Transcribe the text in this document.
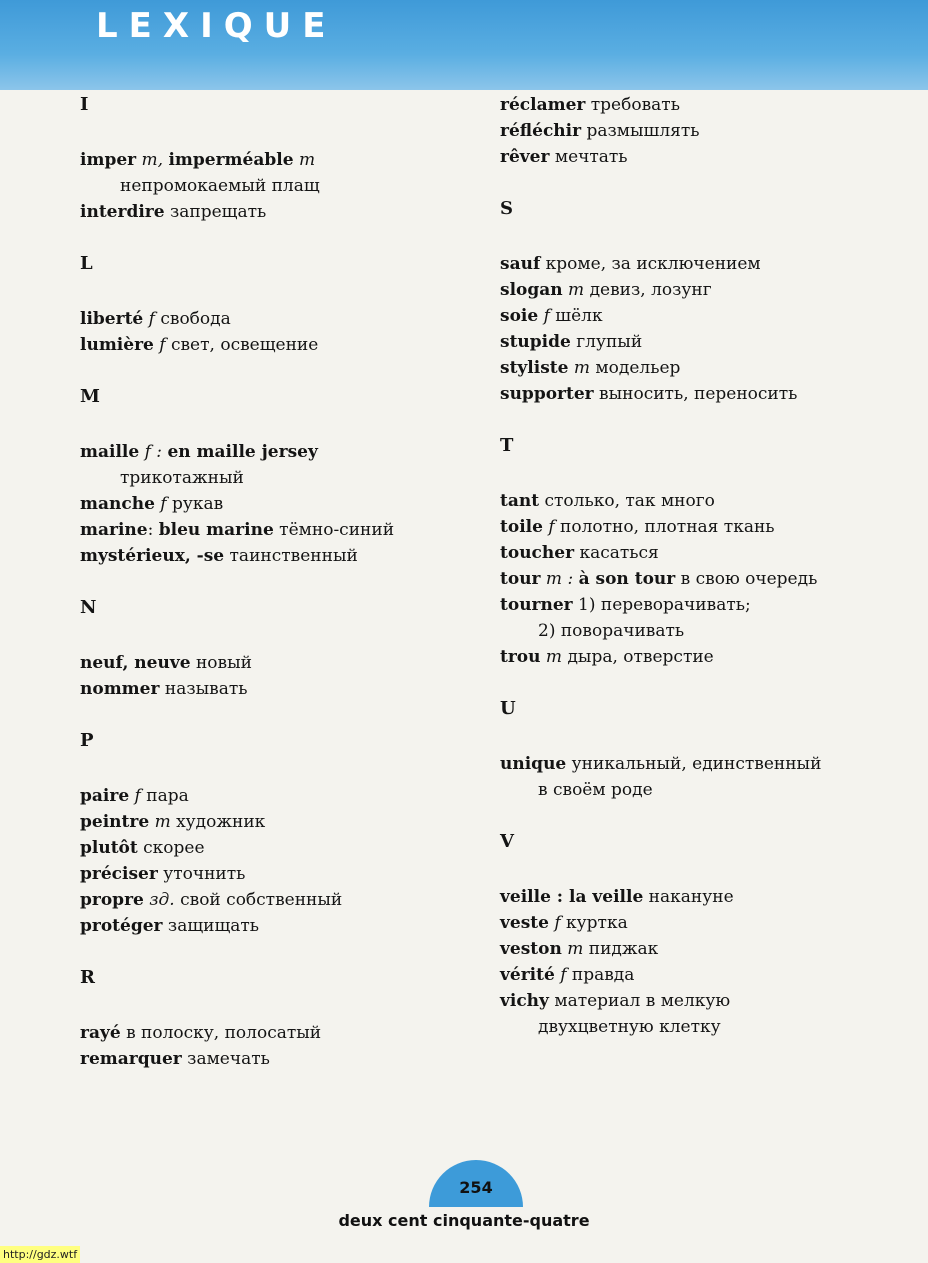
LEXIQUE
I
imper m, imperméable m
непромокаемый плащ
interdire запрещать
L
liberté f свобода
lumière f свет, освещение
M
maille f : en maille jersey
трикотажный
manche f рукав
marine: bleu marine тёмно-синий
mystérieux, -se таинственный
N
neuf, neuve новый
nommer называть
P
paire f пара
peintre m художник
plutôt скорее
préciser уточнить
propre зд. свой собственный
protéger защищать
R
rayé в полоску, полосатый
remarquer замечать
réclamer требовать
réfléchir размышлять
rêver мечтать
S
sauf кроме, за исключением
slogan m девиз, лозунг
soie f шёлк
stupide глупый
styliste m модельер
supporter выносить, переносить
T
tant столько, так много
toile f полотно, плотная ткань
toucher касаться
tour m : à son tour в свою очередь
tourner 1) переворачивать;
2) поворачивать
trou m дыра, отверстие
U
unique уникальный, единственный
в своём роде
V
veille : la veille накануне
veste f куртка
veston m пиджак
vérité f правда
vichy материал в мелкую
двухцветную клетку
254
deux cent cinquante-quatre
http://gdz.wtf
